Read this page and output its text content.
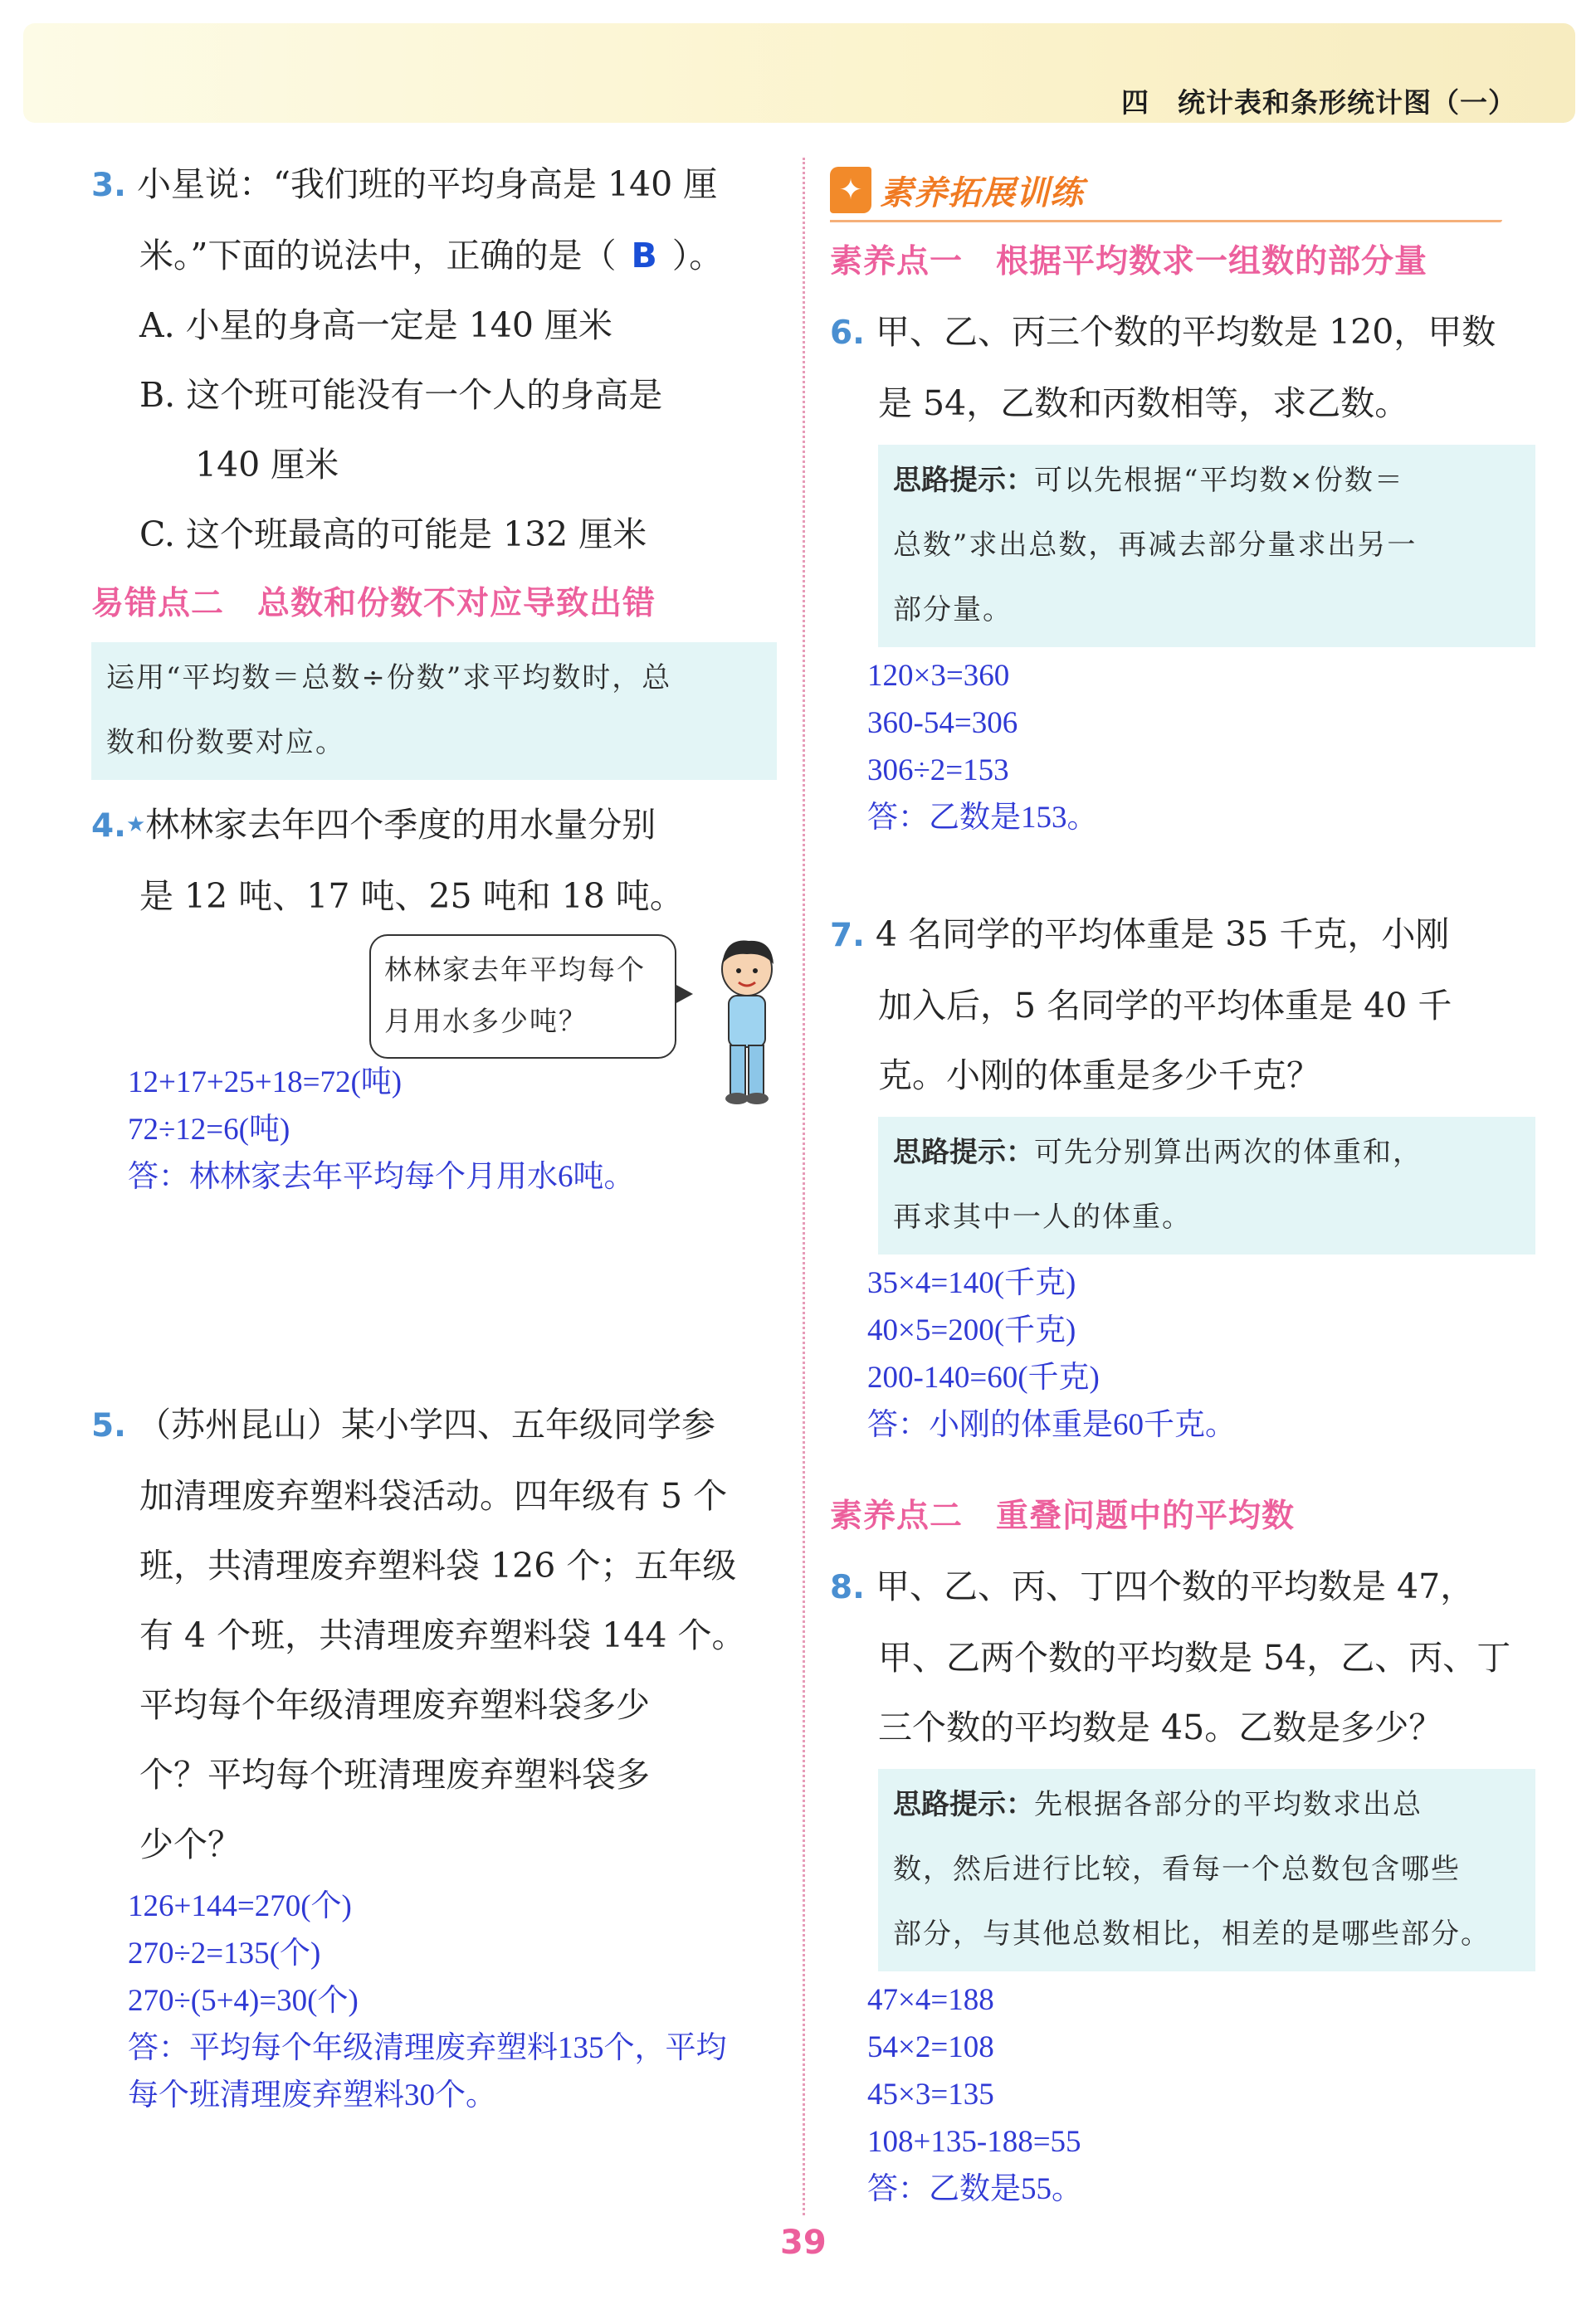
四　统计表和条形统计图（一）
3. 小星说：“我们班的平均身高是 140 厘
米。”下面的说法中，正确的是（ B ）。
A. 小星的身高一定是 140 厘米
B. 这个班可能没有一个人的身高是
140 厘米
C. 这个班最高的可能是 132 厘米
易错点二　总数和份数不对应导致出错
运用“平均数＝总数÷份数”求平均数时，总
数和份数要对应。
4.★林林家去年四个季度的用水量分别
是 12 吨、17 吨、25 吨和 18 吨。
林林家去年平均每个
月用水多少吨？
12+17+25+18=72(吨)
72÷12=6(吨)
答：林林家去年平均每个月用水6吨。
5. （苏州昆山）某小学四、五年级同学参
加清理废弃塑料袋活动。四年级有 5 个
班，共清理废弃塑料袋 126 个；五年级
有 4 个班，共清理废弃塑料袋 144 个。
平均每个年级清理废弃塑料袋多少
个？平均每个班清理废弃塑料袋多
少个？
126+144=270(个)
270÷2=135(个)
270÷(5+4)=30(个)
答：平均每个年级清理废弃塑料135个，平均
每个班清理废弃塑料30个。
✦ 素养拓展训练
素养点一　根据平均数求一组数的部分量
6. 甲、乙、丙三个数的平均数是 120，甲数
是 54，乙数和丙数相等，求乙数。
思路提示：可以先根据“平均数×份数＝
总数”求出总数，再减去部分量求出另一
部分量。
120×3=360
360-54=306
306÷2=153
答：乙数是153。
7. 4 名同学的平均体重是 35 千克，小刚
加入后，5 名同学的平均体重是 40 千
克。小刚的体重是多少千克？
思路提示：可先分别算出两次的体重和，
再求其中一人的体重。
35×4=140(千克)
40×5=200(千克)
200-140=60(千克)
答：小刚的体重是60千克。
素养点二　重叠问题中的平均数
8. 甲、乙、丙、丁四个数的平均数是 47，
甲、乙两个数的平均数是 54，乙、丙、丁
三个数的平均数是 45。乙数是多少？
思路提示：先根据各部分的平均数求出总
数，然后进行比较，看每一个总数包含哪些
部分，与其他总数相比，相差的是哪些部分。
47×4=188
54×2=108
45×3=135
108+135-188=55
答：乙数是55。
39
